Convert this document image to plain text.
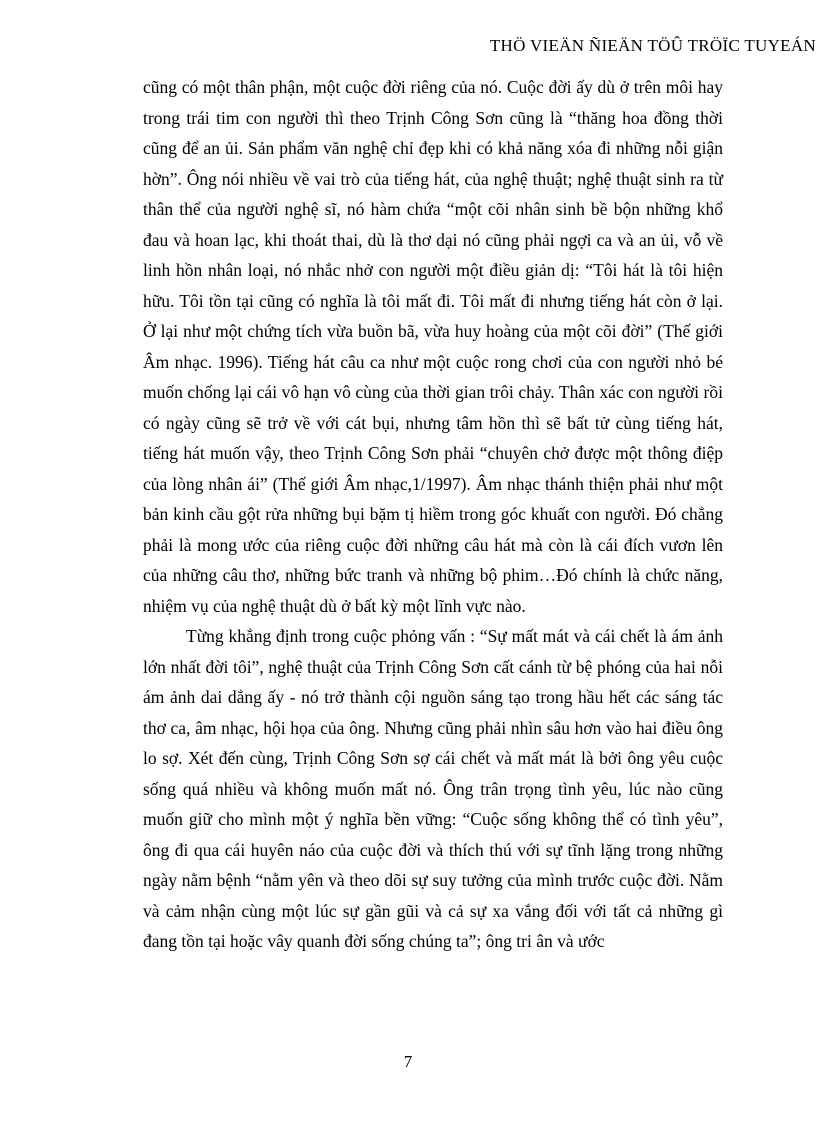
THÖ VIEÄN ÑIEÄN TÖÛ TRÖÏC TUYEÁN

cũng có một thân phận, một cuộc đời riêng của nó. Cuộc đời ấy dù ở trên môi hay trong trái tim con người thì theo Trịnh Công Sơn cũng là “thăng hoa đồng thời cũng để an ủi. Sản phẩm văn nghệ chỉ đẹp khi có khả năng xóa đi những nỗi giận hờn”. Ông nói nhiều về vai trò của tiếng hát, của nghệ thuật; nghệ thuật sinh ra từ thân thể của người nghệ sĩ, nó hàm chứa “một cõi nhân sinh bề bộn những khổ đau và hoan lạc, khi thoát thai, dù là thơ dại nó cũng phải ngợi ca và an ủi, vỗ về linh hồn nhân loại, nó nhắc nhở con người một điều giản dị: “Tôi hát là tôi hiện hữu. Tôi tồn tại cũng có nghĩa là tôi mất đi. Tôi mất đi nhưng tiếng hát còn ở lại. Ở lại như một chứng tích vừa buồn bã, vừa huy hoàng của một cõi đời” (Thế giới Âm nhạc. 1996). Tiếng hát câu ca như một cuộc rong chơi của con người nhỏ bé muốn chống lại cái vô hạn vô cùng của thời gian trôi chảy. Thân xác con người rồi có ngày cũng sẽ trở về với cát bụi, nhưng tâm hồn thì sẽ bất tử cùng tiếng hát, tiếng hát muốn vậy, theo Trịnh Công Sơn phải “chuyên chở được một thông điệp của lòng nhân ái” (Thế giới Âm nhạc,1/1997). Âm nhạc thánh thiện phải như một bản kinh cầu gột rửa những bụi bặm tị hiềm trong góc khuất con người. Đó chẳng phải là mong ước của riêng cuộc đời những câu hát mà còn là cái đích vươn lên của những câu thơ, những bức tranh và những bộ phim…Đó chính là chức năng, nhiệm vụ của nghệ thuật dù ở bất kỳ một lĩnh vực nào.

Từng khẳng định trong cuộc phỏng vấn : “Sự mất mát và cái chết là ám ảnh lớn nhất đời tôi”, nghệ thuật của Trịnh Công Sơn cất cánh từ bệ phóng của hai nỗi ám ảnh dai dẳng ấy - nó trở thành cội nguồn sáng tạo trong hầu hết các sáng tác thơ ca, âm nhạc, hội họa của ông. Nhưng cũng phải nhìn sâu hơn vào hai điều ông lo sợ. Xét đến cùng, Trịnh Công Sơn sợ cái chết và mất mát là bởi ông yêu cuộc sống quá nhiều và không muốn mất nó. Ông trân trọng tình yêu, lúc nào cũng muốn giữ cho mình một ý nghĩa bền vững: “Cuộc sống không thể có tình yêu”, ông đi qua cái huyên náo của cuộc đời và thích thú với sự tĩnh lặng trong những ngày nằm bệnh “nằm yên và theo dõi sự suy tưởng của mình trước cuộc đời. Nằm và cảm nhận cùng một lúc sự gần gũi và cả sự xa vắng đối với tất cả những gì đang tồn tại hoặc vây quanh đời sống chúng ta”; ông tri ân và ước

7
